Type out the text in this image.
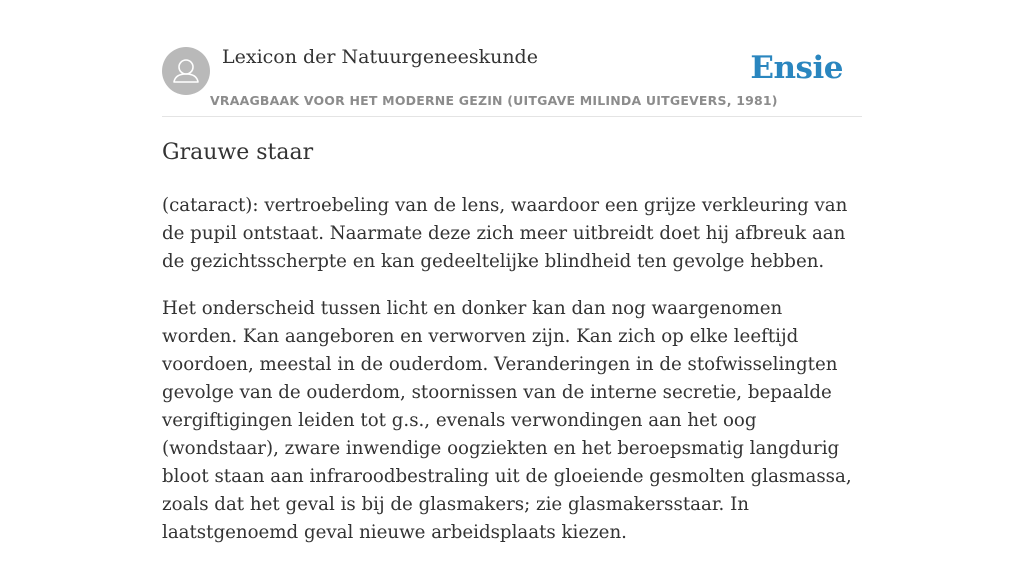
Lexicon der Natuurgeneeskunde
VRAAGBAAK VOOR HET MODERNE GEZIN (UITGAVE MILINDA UITGEVERS, 1981)
Ensie
Grauwe staar

(cataract): vertroebeling van de lens, waardoor een grijze verkleuring van de pupil ontstaat. Naarmate deze zich meer uitbreidt doet hij afbreuk aan de gezichtsscherpte en kan gedeeltelijke blindheid ten gevolge hebben.

Het onderscheid tussen licht en donker kan dan nog waargenomen worden. Kan aangeboren en verworven zijn. Kan zich op elke leeftijd voordoen, meestal in de ouderdom. Veranderingen in de stofwisselingten gevolge van de ouderdom, stoornissen van de interne secretie, bepaalde vergiftigingen leiden tot g.s., evenals verwondingen aan het oog (wondstaar), zware inwendige oogziekten en het beroepsmatig langdurig bloot staan aan infraroodbestraling uit de gloeiende gesmolten glasmassa, zoals dat het geval is bij de glasmakers; zie glasmakersstaar. In laatstgenoemd geval nieuwe arbeidsplaats kiezen.
